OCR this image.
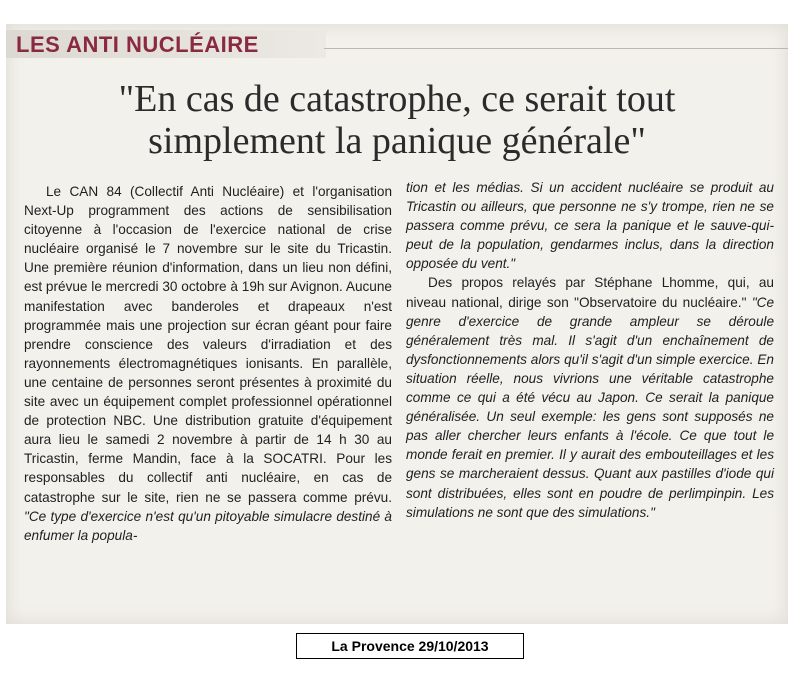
LES ANTI NUCLÉAIRE
"En cas de catastrophe, ce serait tout simplement la panique générale"

Le CAN 84 (Collectif Anti Nucléaire) et l'organisation Next-Up programment des actions de sensibilisation citoyenne à l'occasion de l'exercice national de crise nucléaire organisé le 7 novembre sur le site du Tricastin. Une première réunion d'information, dans un lieu non défini, est prévue le mercredi 30 octobre à 19h sur Avignon. Aucune manifestation avec banderoles et drapeaux n'est programmée mais une projection sur écran géant pour faire prendre conscience des valeurs d'irradiation et des rayonnements électromagnétiques ionisants. En parallèle, une centaine de personnes seront présentes à proximité du site avec un équipement complet professionnel opérationnel de protection NBC. Une distribution gratuite d'équipement aura lieu le samedi 2 novembre à partir de 14 h 30 au Tricastin, ferme Mandin, face à la SOCATRI. Pour les responsables du collectif anti nucléaire, en cas de catastrophe sur le site, rien ne se passera comme prévu. "Ce type d'exercice n'est qu'un pitoyable simulacre destiné à enfumer la popula-

tion et les médias. Si un accident nucléaire se produit au Tricastin ou ailleurs, que personne ne s'y trompe, rien ne se passera comme prévu, ce sera la panique et le sauve-qui-peut de la population, gendarmes inclus, dans la direction opposée du vent."

Des propos relayés par Stéphane Lhomme, qui, au niveau national, dirige son "Observatoire du nucléaire." "Ce genre d'exercice de grande ampleur se déroule généralement très mal. Il s'agit d'un enchaînement de dysfonctionnements alors qu'il s'agit d'un simple exercice. En situation réelle, nous vivrions une véritable catastrophe comme ce qui a été vécu au Japon. Ce serait la panique généralisée. Un seul exemple: les gens sont supposés ne pas aller chercher leurs enfants à l'école. Ce que tout le monde ferait en premier. Il y aurait des embouteillages et les gens se marcheraient dessus. Quant aux pastilles d'iode qui sont distribuées, elles sont en poudre de perlimpinpin. Les simulations ne sont que des simulations."

La Provence 29/10/2013
